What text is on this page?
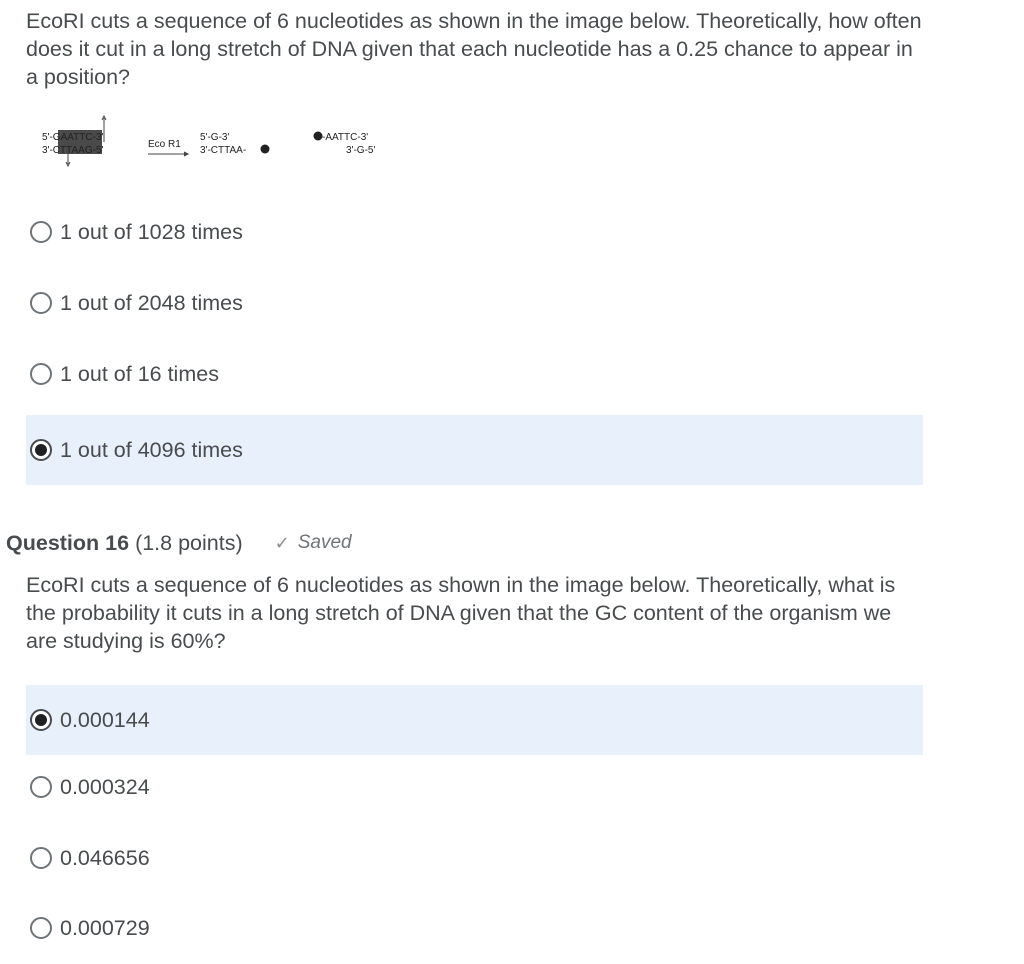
EcoRI cuts a sequence of 6 nucleotides as shown in the image below. Theoretically, how often does it cut in a long stretch of DNA given that each nucleotide has a 0.25 chance to appear in a position?

5'-GAATTC-3'
3'-CTTAAG-5'
Eco R1
5'-G-3'
3'-CTTAA-
-AATTC-3'
3'-G-5'
1 out of 1028 times
1 out of 2048 times
1 out of 16 times
1 out of 4096 times
Question 16 (1.8 points) ✓ Saved

EcoRI cuts a sequence of 6 nucleotides as shown in the image below. Theoretically, what is the probability it cuts in a long stretch of DNA given that the GC content of the organism we are studying is 60%?

0.000144
0.000324
0.046656
0.000729
